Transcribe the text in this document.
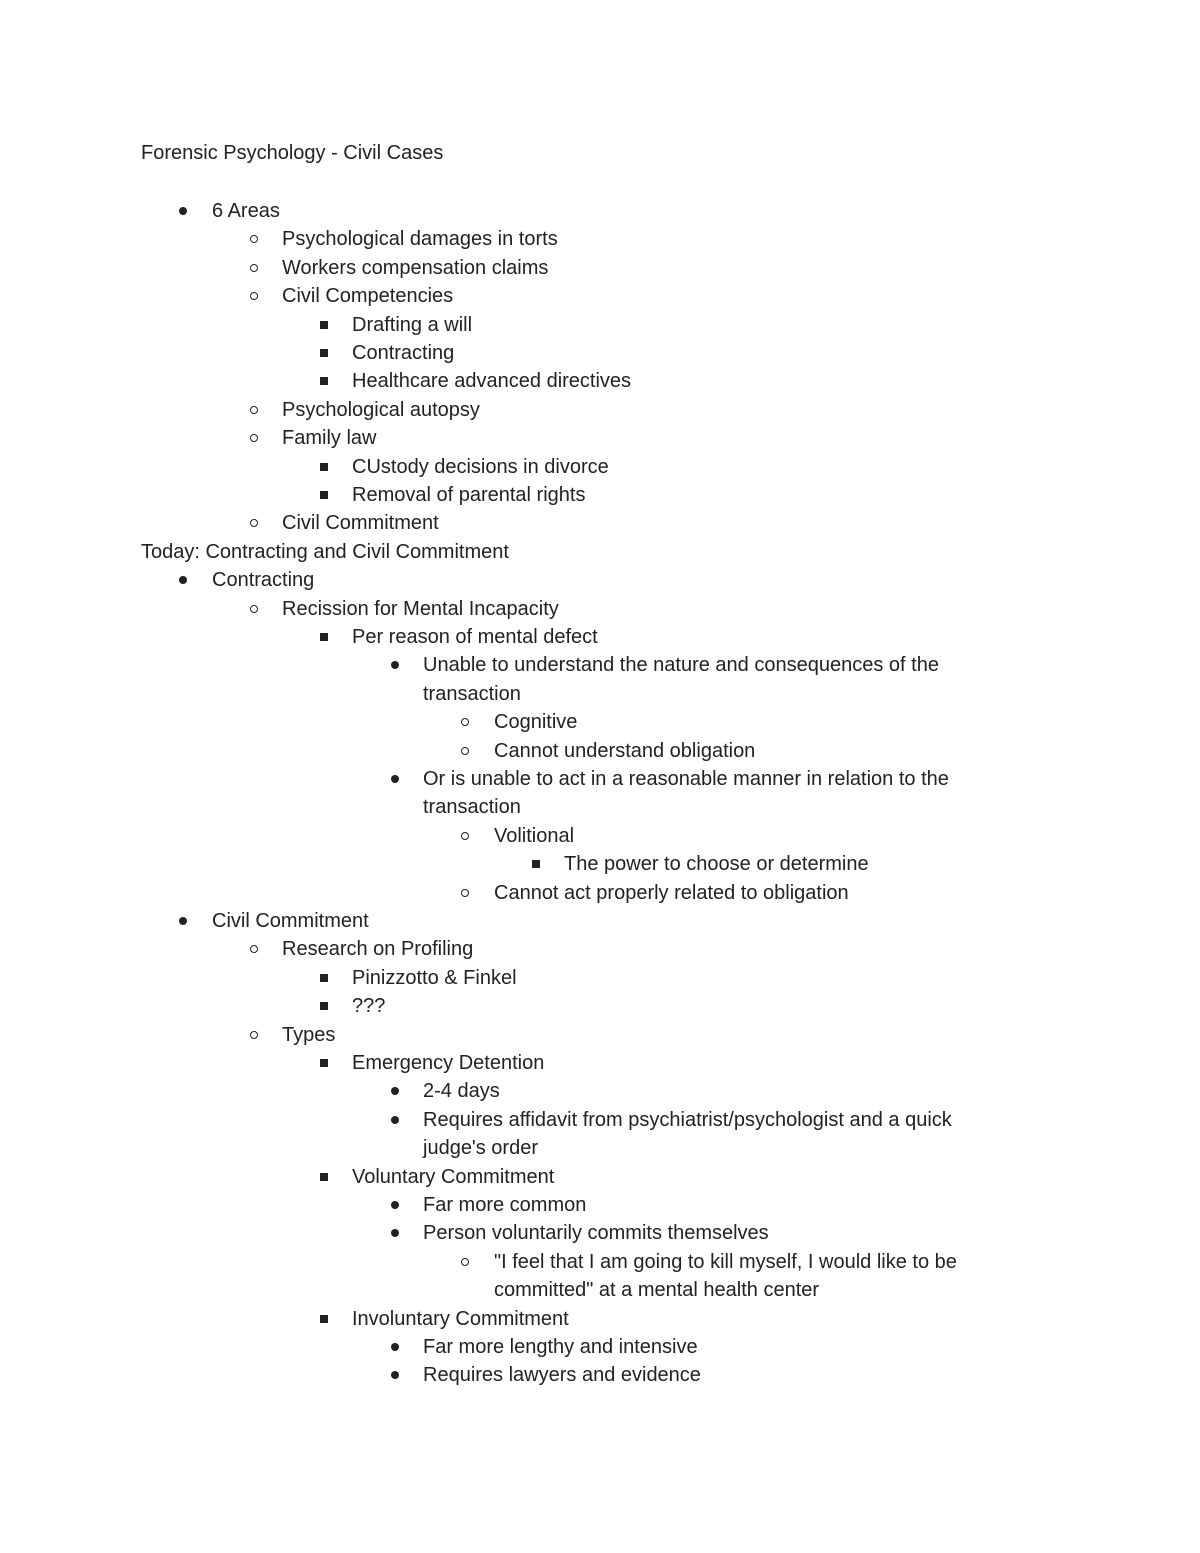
Forensic Psychology - Civil Cases
6 Areas
Psychological damages in torts
Workers compensation claims
Civil Competencies
Drafting a will
Contracting
Healthcare advanced directives
Psychological autopsy
Family law
CUstody decisions in divorce
Removal of parental rights
Civil Commitment
Today: Contracting and Civil Commitment
Contracting
Recission for Mental Incapacity
Per reason of mental defect
Unable to understand the nature and consequences of the
transaction
Cognitive
Cannot understand obligation
Or is unable to act in a reasonable manner in relation to the
transaction
Volitional
The power to choose or determine
Cannot act properly related to obligation
Civil Commitment
Research on Profiling
Pinizzotto & Finkel
???
Types
Emergency Detention
2-4 days
Requires affidavit from psychiatrist/psychologist and a quick
judge's order
Voluntary Commitment
Far more common
Person voluntarily commits themselves
"I feel that I am going to kill myself, I would like to be
committed" at a mental health center
Involuntary Commitment
Far more lengthy and intensive
Requires lawyers and evidence
